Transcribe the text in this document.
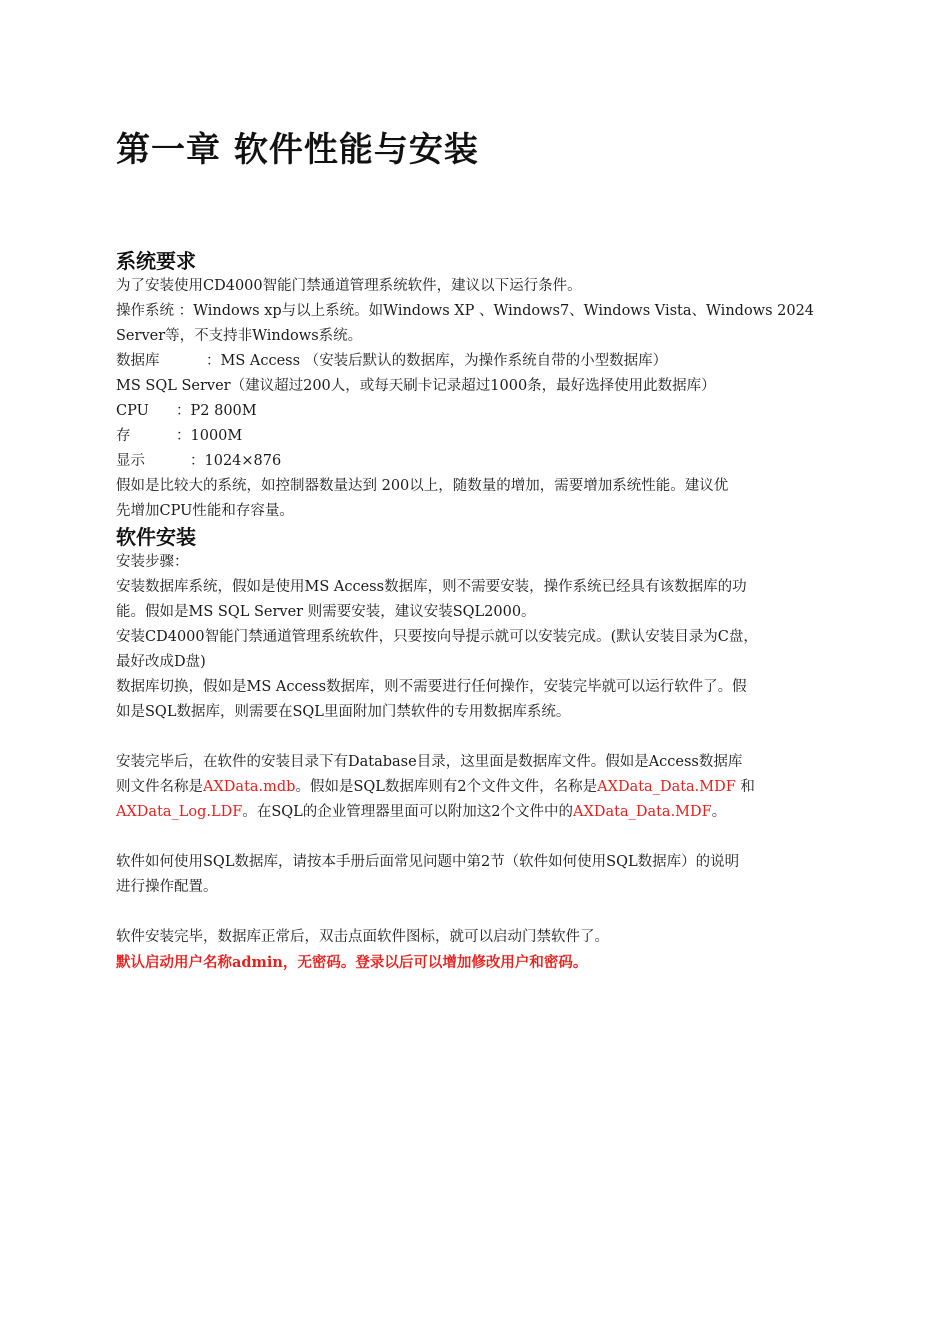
第一章 软件性能与安装
系统要求

为了安装使用CD4000智能门禁通道管理系统软件，建议以下运行条件。

操作系统 ：Windows xp与以上系统。如Windows XP 、Windows7、Windows Vista、Windows 2024

Server等，不支持非Windows系统。

数据库	：MS Access （安装后默认的数据库，为操作系统自带的小型数据库）

MS SQL Server（建议超过200人，或每天刷卡记录超过1000条，最好选择使用此数据库）

CPU ：P2 800M

存	：1000M

显示	：1024×876

假如是比较大的系统，如控制器数量达到 200以上，随数量的增加，需要增加系统性能。建议优

先增加CPU性能和存容量。

软件安装

安装步骤：

安装数据库系统，假如是使用MS Access数据库，则不需要安装，操作系统已经具有该数据库的功

能。假如是MS SQL Server 则需要安装，建议安装SQL2000。

安装CD4000智能门禁通道管理系统软件，只要按向导提示就可以安装完成。(默认安装目录为C盘，

最好改成D盘)

数据库切换，假如是MS Access数据库，则不需要进行任何操作，安装完毕就可以运行软件了。假

如是SQL数据库，则需要在SQL里面附加门禁软件的专用数据库系统。

安装完毕后，在软件的安装目录下有Database目录，这里面是数据库文件。假如是Access数据库

则文件名称是AXData.mdb。假如是SQL数据库则有2个文件文件，名称是AXData_Data.MDF 和

AXData_Log.LDF。在SQL的企业管理器里面可以附加这2个文件中的AXData_Data.MDF。

软件如何使用SQL数据库，请按本手册后面常见问题中第2节（软件如何使用SQL数据库）的说明

进行操作配置。

软件安装完毕，数据库正常后，双击点面软件图标，就可以启动门禁软件了。

默认启动用户名称admin，无密码。登录以后可以增加修改用户和密码。
